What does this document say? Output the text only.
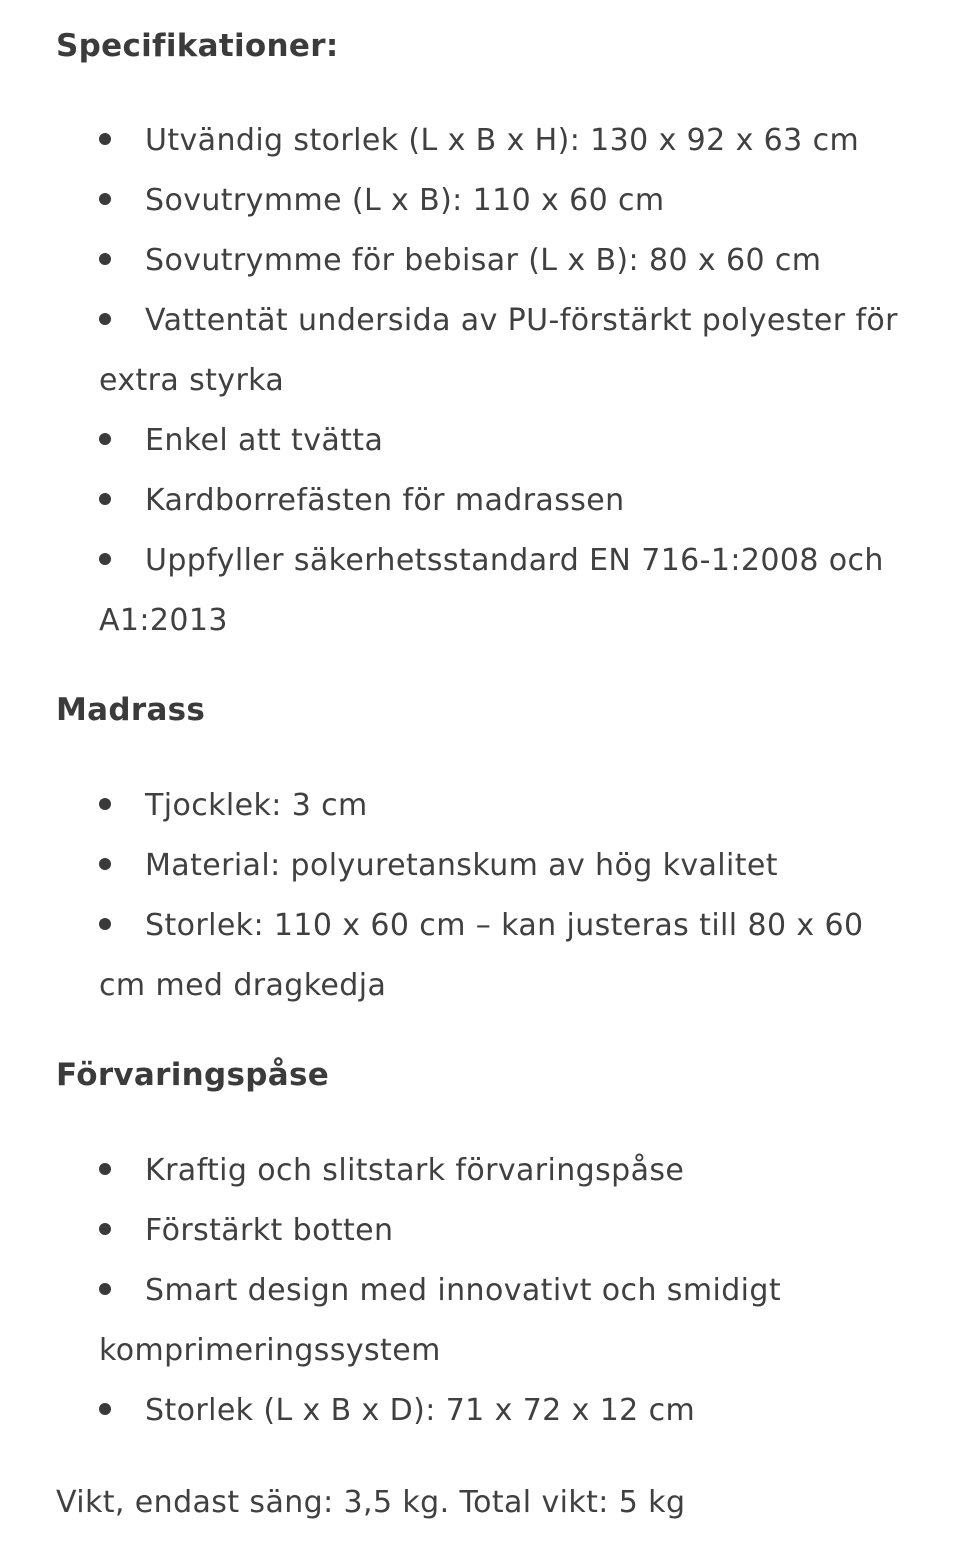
Specifikationer:
Utvändig storlek (L x B x H): 130 x 92 x 63 cm
Sovutrymme (L x B): 110 x 60 cm
Sovutrymme för bebisar (L x B): 80 x 60 cm
Vattentät undersida av PU-förstärkt polyester för extra styrka
Enkel att tvätta
Kardborrefästen för madrassen
Uppfyller säkerhetsstandard EN 716-1:2008 och A1:2013
Madrass
Tjocklek: 3 cm
Material: polyuretanskum av hög kvalitet
Storlek: 110 x 60 cm – kan justeras till 80 x 60 cm med dragkedja
Förvaringspåse
Kraftig och slitstark förvaringspåse
Förstärkt botten
Smart design med innovativt och smidigt komprimeringssystem
Storlek (L x B x D): 71 x 72 x 12 cm

Vikt, endast säng: 3,5 kg. Total vikt: 5 kg
